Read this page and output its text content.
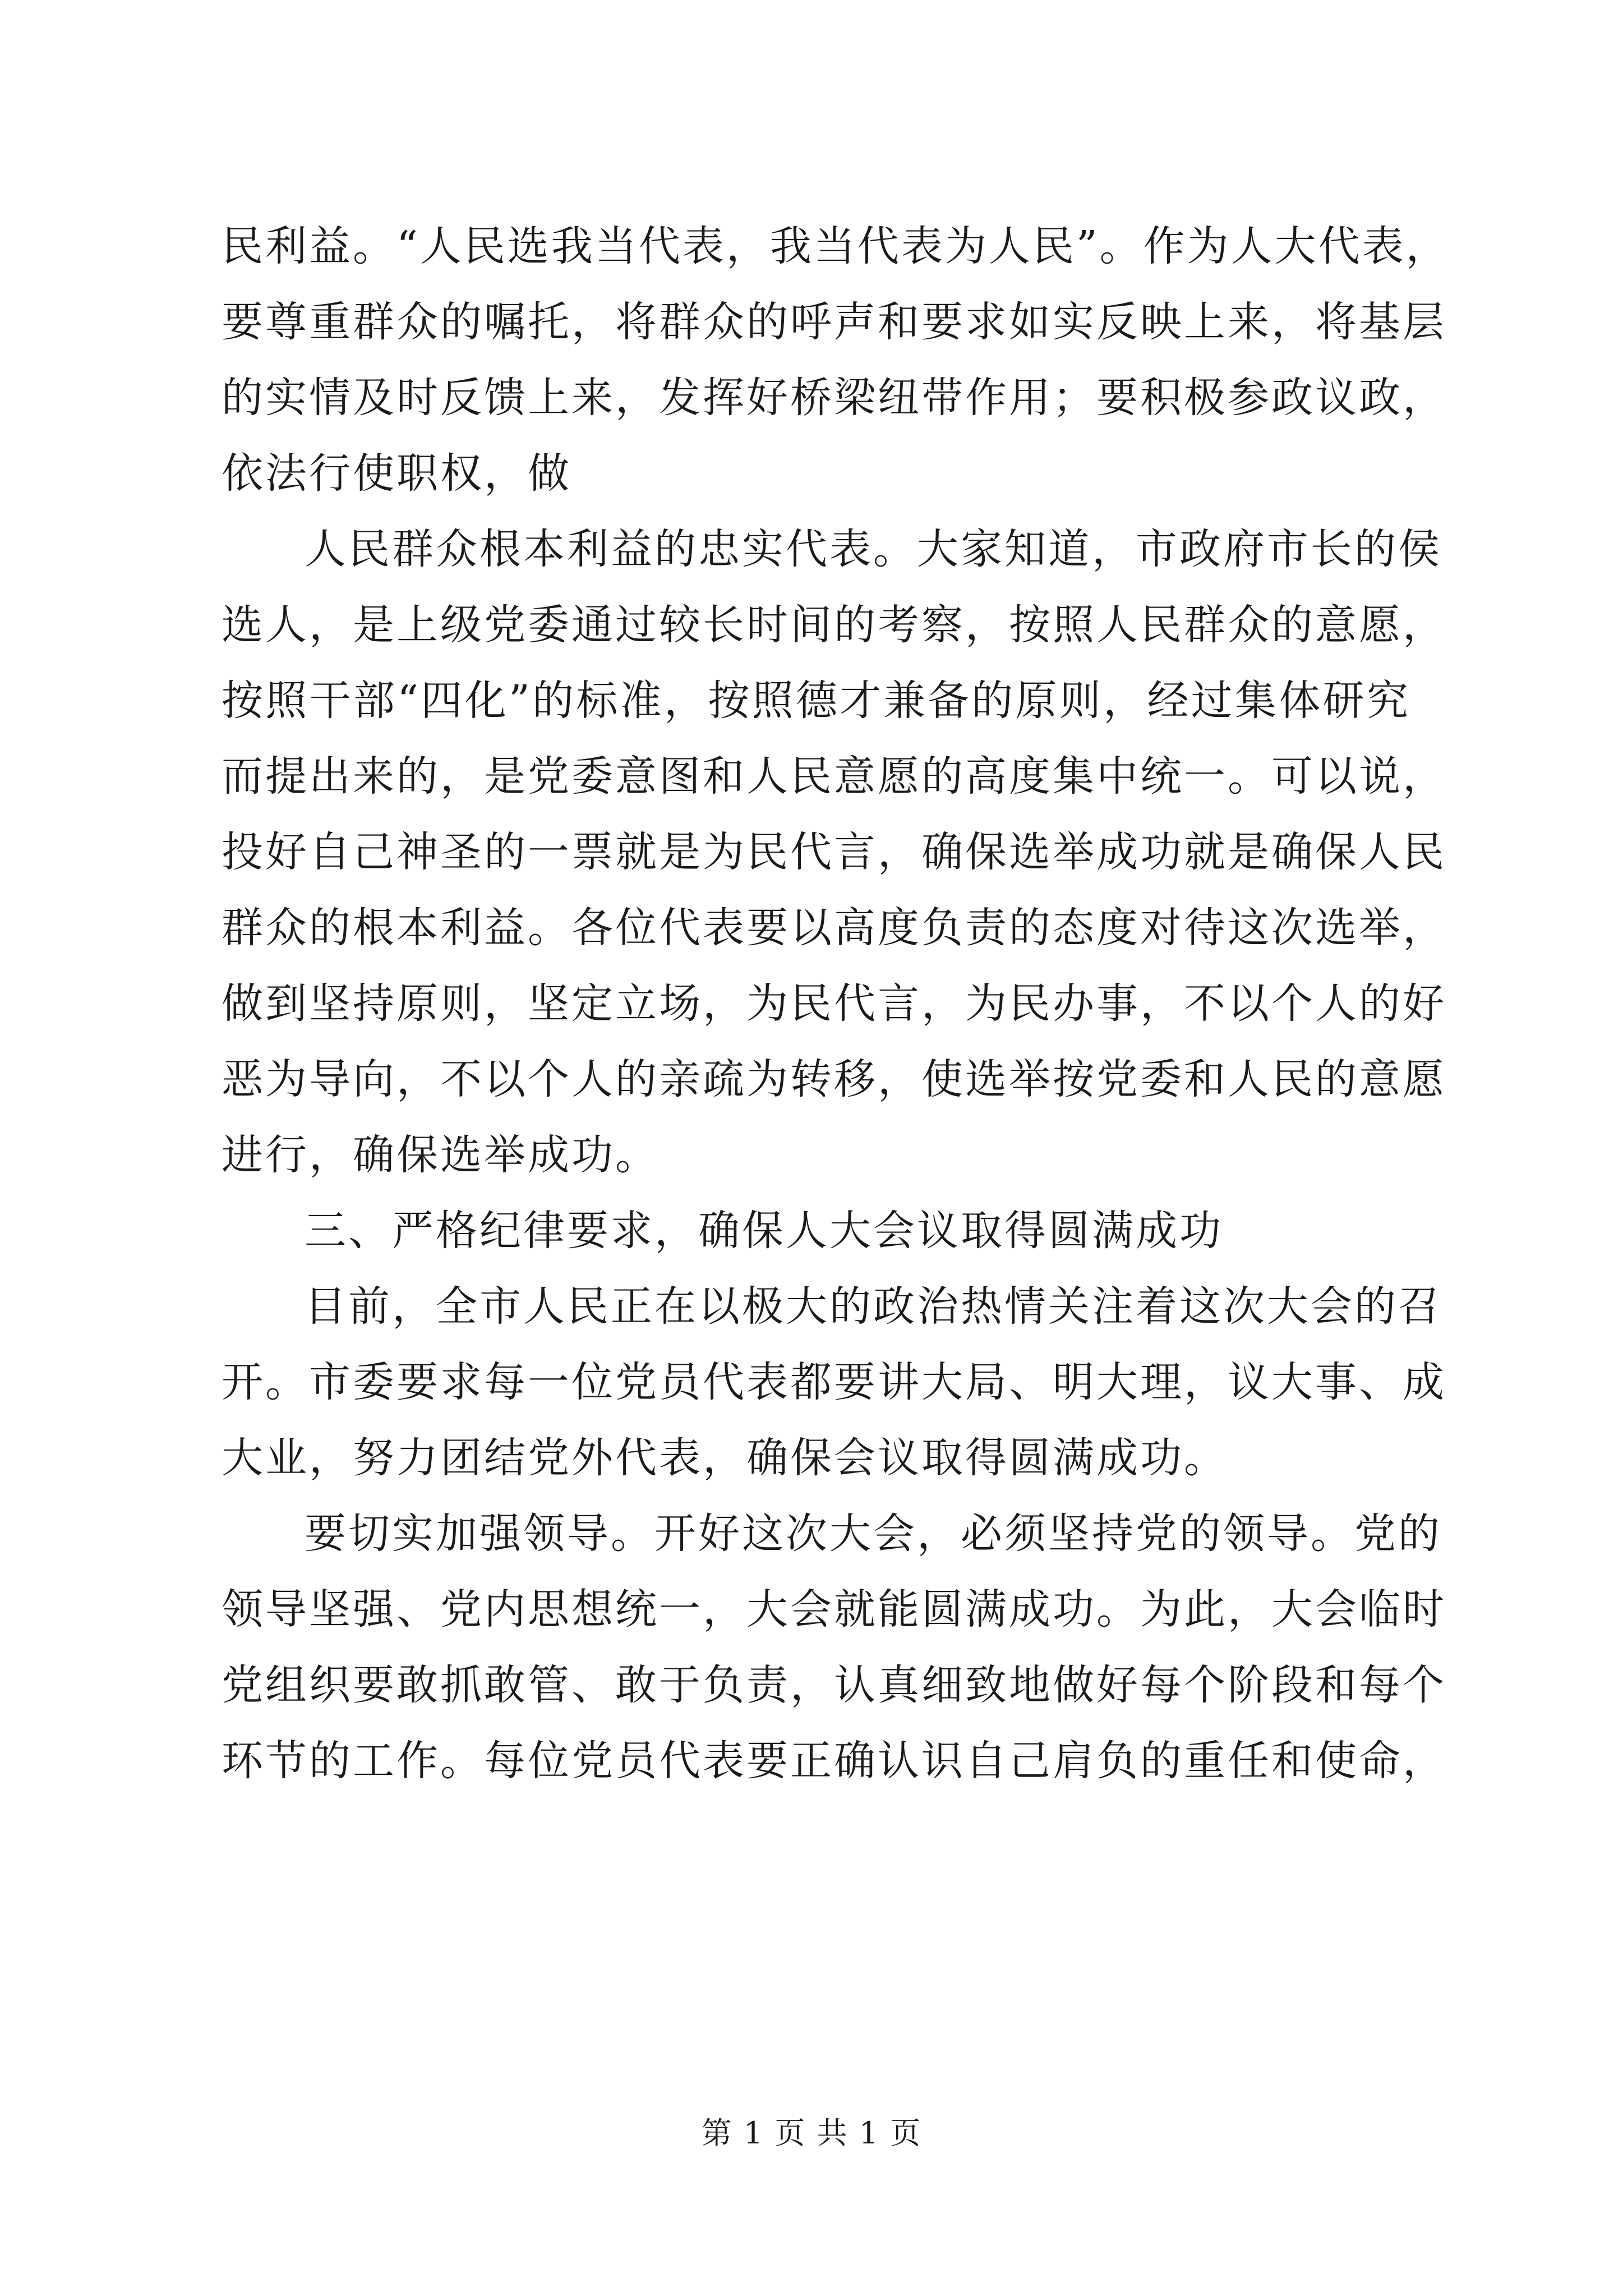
民利益。“人民选我当代表，我当代表为人民”。作为人大代表，
要尊重群众的嘱托，将群众的呼声和要求如实反映上来，将基层
的实情及时反馈上来，发挥好桥梁纽带作用；要积极参政议政，
依法行使职权，做
人民群众根本利益的忠实代表。大家知道，市政府市长的侯
选人，是上级党委通过较长时间的考察，按照人民群众的意愿，
按照干部“四化”的标准，按照德才兼备的原则，经过集体研究
而提出来的，是党委意图和人民意愿的高度集中统一。可以说，
投好自己神圣的一票就是为民代言，确保选举成功就是确保人民
群众的根本利益。各位代表要以高度负责的态度对待这次选举，
做到坚持原则，坚定立场，为民代言，为民办事，不以个人的好
恶为导向，不以个人的亲疏为转移，使选举按党委和人民的意愿
进行，确保选举成功。
三、严格纪律要求，确保人大会议取得圆满成功
目前，全市人民正在以极大的政治热情关注着这次大会的召
开。市委要求每一位党员代表都要讲大局、明大理，议大事、成
大业，努力团结党外代表，确保会议取得圆满成功。
要切实加强领导。开好这次大会，必须坚持党的领导。党的
领导坚强、党内思想统一，大会就能圆满成功。为此，大会临时
党组织要敢抓敢管、敢于负责，认真细致地做好每个阶段和每个
环节的工作。每位党员代表要正确认识自己肩负的重任和使命，
第 1 页 共 1 页
